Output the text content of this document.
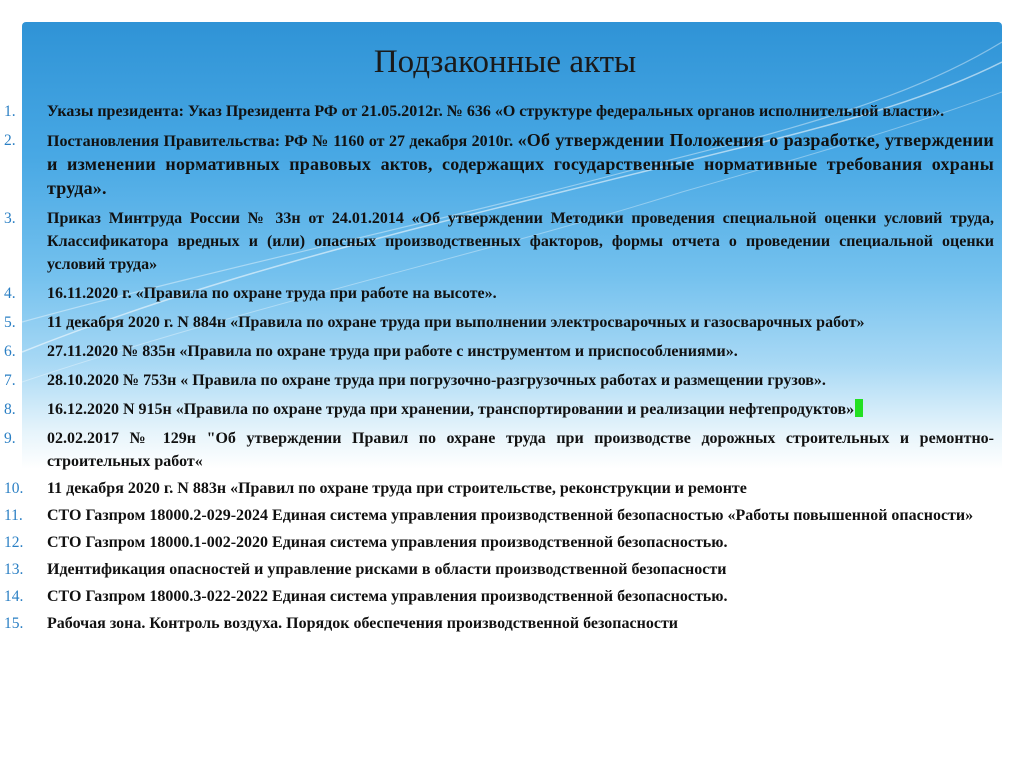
Подзаконные акты
1. Указы президента: Указ Президента РФ от 21.05.2012г. № 636 «О структуре федеральных органов исполнительной власти».
2. Постановления Правительства: РФ № 1160 от 27 декабря 2010г. «Об утверждении Положения о разработке, утверждении и изменении нормативных правовых актов, содержащих государственные нормативные требования охраны труда».
3. Приказ Минтруда России № 33н от 24.01.2014 «Об утверждении Методики проведения специальной оценки условий труда, Классификатора вредных и (или) опасных производственных факторов, формы отчета о проведении специальной оценки условий труда»
4. 16.11.2020 г. «Правила по охране труда при работе на высоте».
5. 11 декабря 2020 г. N 884н «Правила по охране труда при выполнении электросварочных и газосварочных работ»
6. 27.11.2020 № 835н «Правила по охране труда при работе с инструментом и приспособлениями».
7. 28.10.2020 № 753н « Правила по охране труда при погрузочно-разгрузочных работах и размещении грузов».
8. 16.12.2020 N 915н «Правила по охране труда при хранении, транспортировании и реализации нефтепродуктов»
9. 02.02.2017 № 129н "Об утверждении Правил по охране труда при производстве дорожных строительных и ремонтно-строительных работ«
10. 11 декабря 2020 г. N 883н «Правил по охране труда при строительстве, реконструкции и ремонте
11. СТО Газпром 18000.2-029-2024 Единая система управления производственной безопасностью «Работы повышенной опасности»
12. СТО Газпром 18000.1-002-2020 Единая система управления производственной безопасностью.
13. Идентификация опасностей и управление рисками в области производственной безопасности
14. СТО Газпром 18000.3-022-2022 Единая система управления производственной безопасностью.
15. Рабочая зона. Контроль воздуха. Порядок обеспечения производственной безопасности
